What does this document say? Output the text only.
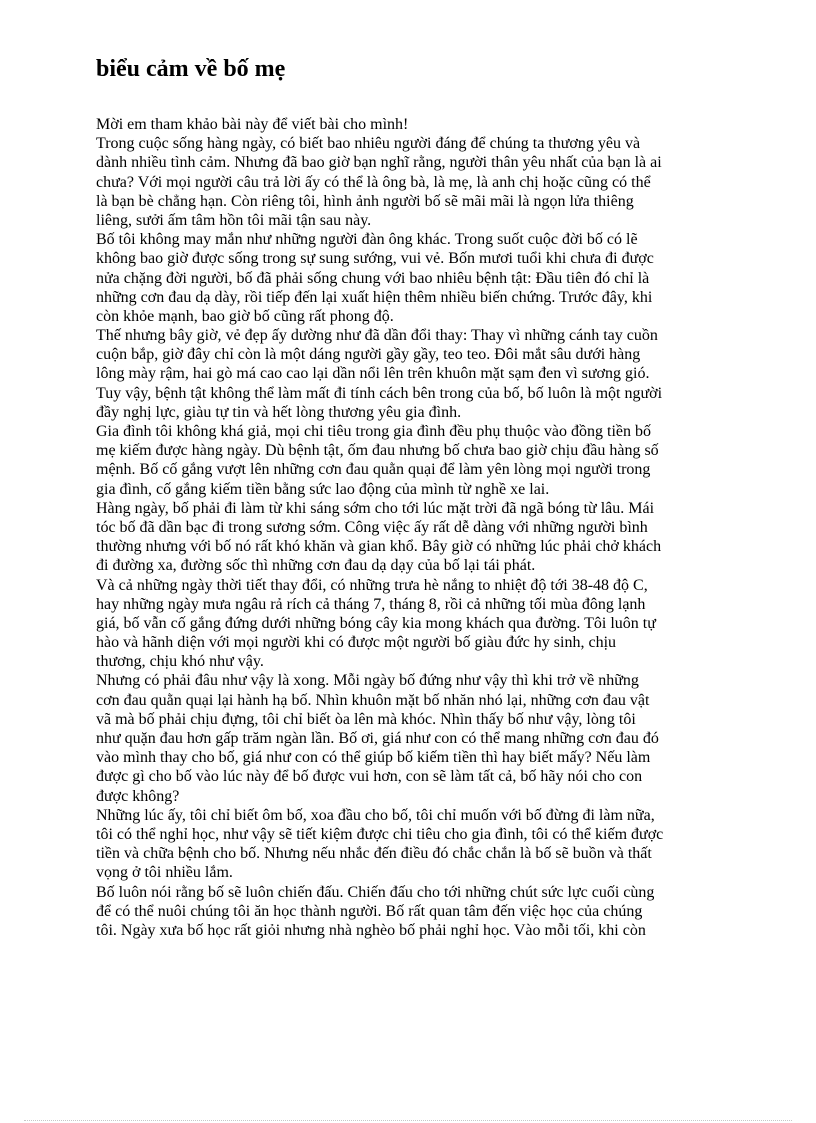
biểu cảm về bố mẹ
Mời em tham khảo bài này để viết bài cho mình!
Trong cuộc sống hàng ngày, có biết bao nhiêu người đáng để chúng ta thương yêu và
dành nhiều tình cảm. Nhưng đã bao giờ bạn nghĩ rằng, người thân yêu nhất của bạn là ai
chưa? Với mọi người câu trả lời ấy có thể là ông bà, là mẹ, là anh chị hoặc cũng có thể
là bạn bè chẳng hạn. Còn riêng tôi, hình ảnh người bố sẽ mãi mãi là ngọn lửa thiêng
liêng, sưởi ấm tâm hồn tôi mãi tận sau này.
Bố tôi không may mắn như những người đàn ông khác. Trong suốt cuộc đời bố có lẽ
không bao giờ được sống trong sự sung sướng, vui vẻ. Bốn mươi tuổi khi chưa đi được
nửa chặng đời người, bố đã phải sống chung với bao nhiêu bệnh tật: Đầu tiên đó chỉ là
những cơn đau dạ dày, rồi tiếp đến lại xuất hiện thêm nhiều biến chứng. Trước đây, khi
còn khỏe mạnh, bao giờ bố cũng rất phong độ.
Thế nhưng bây giờ, vẻ đẹp ấy dường như đã dần đổi thay: Thay vì những cánh tay cuồn
cuộn bắp, giờ đây chỉ còn là một dáng người gầy gầy, teo teo. Đôi mắt sâu dưới hàng
lông mày rậm, hai gò má cao cao lại dần nổi lên trên khuôn mặt sạm đen vì sương gió.
Tuy vậy, bệnh tật không thể làm mất đi tính cách bên trong của bố, bố luôn là một người
đầy nghị lực, giàu tự tin và hết lòng thương yêu gia đình.
Gia đình tôi không khá giả, mọi chi tiêu trong gia đình đều phụ thuộc vào đồng tiền bố
mẹ kiếm được hàng ngày. Dù bệnh tật, ốm đau nhưng bố chưa bao giờ chịu đầu hàng số
mệnh. Bố cố gắng vượt lên những cơn đau quằn quại để làm yên lòng mọi người trong
gia đình, cố gắng kiếm tiền bằng sức lao động của mình từ nghề xe lai.
Hàng ngày, bố phải đi làm từ khi sáng sớm cho tới lúc mặt trời đã ngã bóng từ lâu. Mái
tóc bố đã dần bạc đi trong sương sớm. Công việc ấy rất dễ dàng với những người bình
thường nhưng với bố nó rất khó khăn và gian khổ. Bây giờ có những lúc phải chở khách
đi đường xa, đường sốc thì những cơn đau dạ dạy của bố lại tái phát.
Và cả những ngày thời tiết thay đổi, có những trưa hè nắng to nhiệt độ tới 38-48 độ C,
hay những ngày mưa ngâu rả rích cả tháng 7, tháng 8, rồi cả những tối mùa đông lạnh
giá, bố vẫn cố gắng đứng dưới những bóng cây kia mong khách qua đường. Tôi luôn tự
hào và hãnh diện với mọi người khi có được một người bố giàu đức hy sinh, chịu
thương, chịu khó như vậy.
Nhưng có phải đâu như vậy là xong. Mỗi ngày bố đứng như vậy thì khi trở về những
cơn đau quằn quại lại hành hạ bố. Nhìn khuôn mặt bố nhăn nhó lại, những cơn đau vật
vã mà bố phải chịu đựng, tôi chỉ biết òa lên mà khóc. Nhìn thấy bố như vậy, lòng tôi
như quặn đau hơn gấp trăm ngàn lần. Bố ơi, giá như con có thể mang những cơn đau đó
vào mình thay cho bố, giá như con có thể giúp bố kiếm tiền thì hay biết mấy? Nếu làm
được gì cho bố vào lúc này để bố được vui hơn, con sẽ làm tất cả, bố hãy nói cho con
được không?
Những lúc ấy, tôi chỉ biết ôm bố, xoa đầu cho bố, tôi chỉ muốn với bố đừng đi làm nữa,
tôi có thể nghỉ học, như vậy sẽ tiết kiệm được chi tiêu cho gia đình, tôi có thể kiếm được
tiền và chữa bệnh cho bố. Nhưng nếu nhắc đến điều đó chắc chắn là bố sẽ buồn và thất
vọng ở tôi nhiều lắm.
Bố luôn nói rằng bố sẽ luôn chiến đấu. Chiến đấu cho tới những chút sức lực cuối cùng
để có thể nuôi chúng tôi ăn học thành người. Bố rất quan tâm đến việc học của chúng
tôi. Ngày xưa bố học rất giỏi nhưng nhà nghèo bố phải nghỉ học. Vào mỗi tối, khi còn
